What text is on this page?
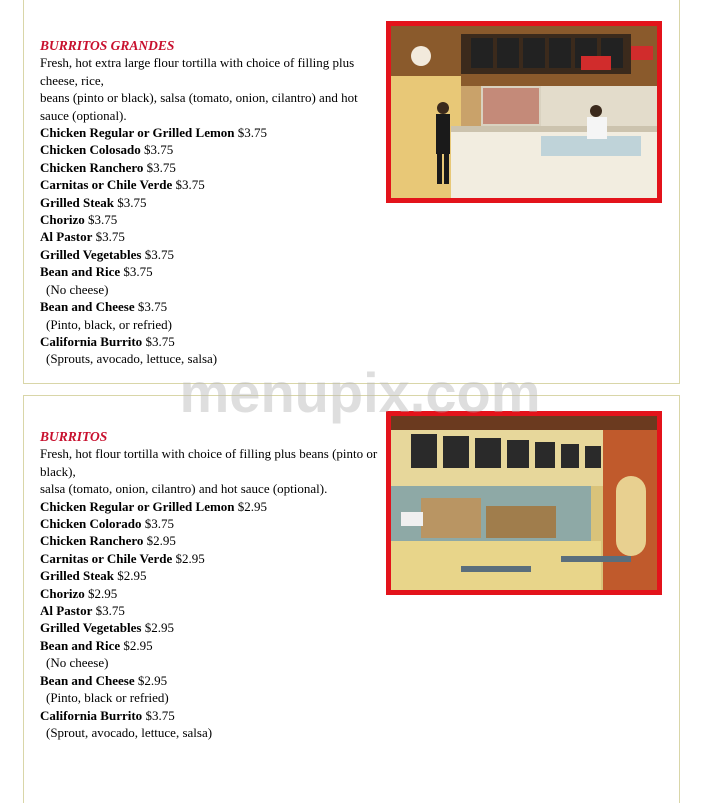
BURRITOS GRANDES
Fresh, hot extra large flour tortilla with choice of filling plus cheese, rice,
beans (pinto or black), salsa (tomato, onion, cilantro) and hot sauce (optional).
Chicken Regular or Grilled Lemon $3.75
Chicken Colosado $3.75
Chicken Ranchero $3.75
Carnitas or Chile Verde $3.75
Grilled Steak $3.75
Chorizo $3.75
Al Pastor $3.75
Grilled Vegetables $3.75
Bean and Rice $3.75
(No cheese)
Bean and Cheese $3.75
(Pinto, black, or refried)
California Burrito $3.75
(Sprouts, avocado, lettuce, salsa)
BURRITOS
Fresh, hot flour tortilla with choice of filling plus beans (pinto or black),
salsa (tomato, onion, cilantro) and hot sauce (optional).
Chicken Regular or Grilled Lemon $2.95
Chicken Colorado $3.75
Chicken Ranchero $2.95
Carnitas or Chile Verde $2.95
Grilled Steak $2.95
Chorizo $2.95
Al Pastor $3.75
Grilled Vegetables $2.95
Bean and Rice $2.95
(No cheese)
Bean and Cheese $2.95
(Pinto, black or refried)
California Burrito $3.75
(Sprout, avocado, lettuce, salsa)
menupix.com
